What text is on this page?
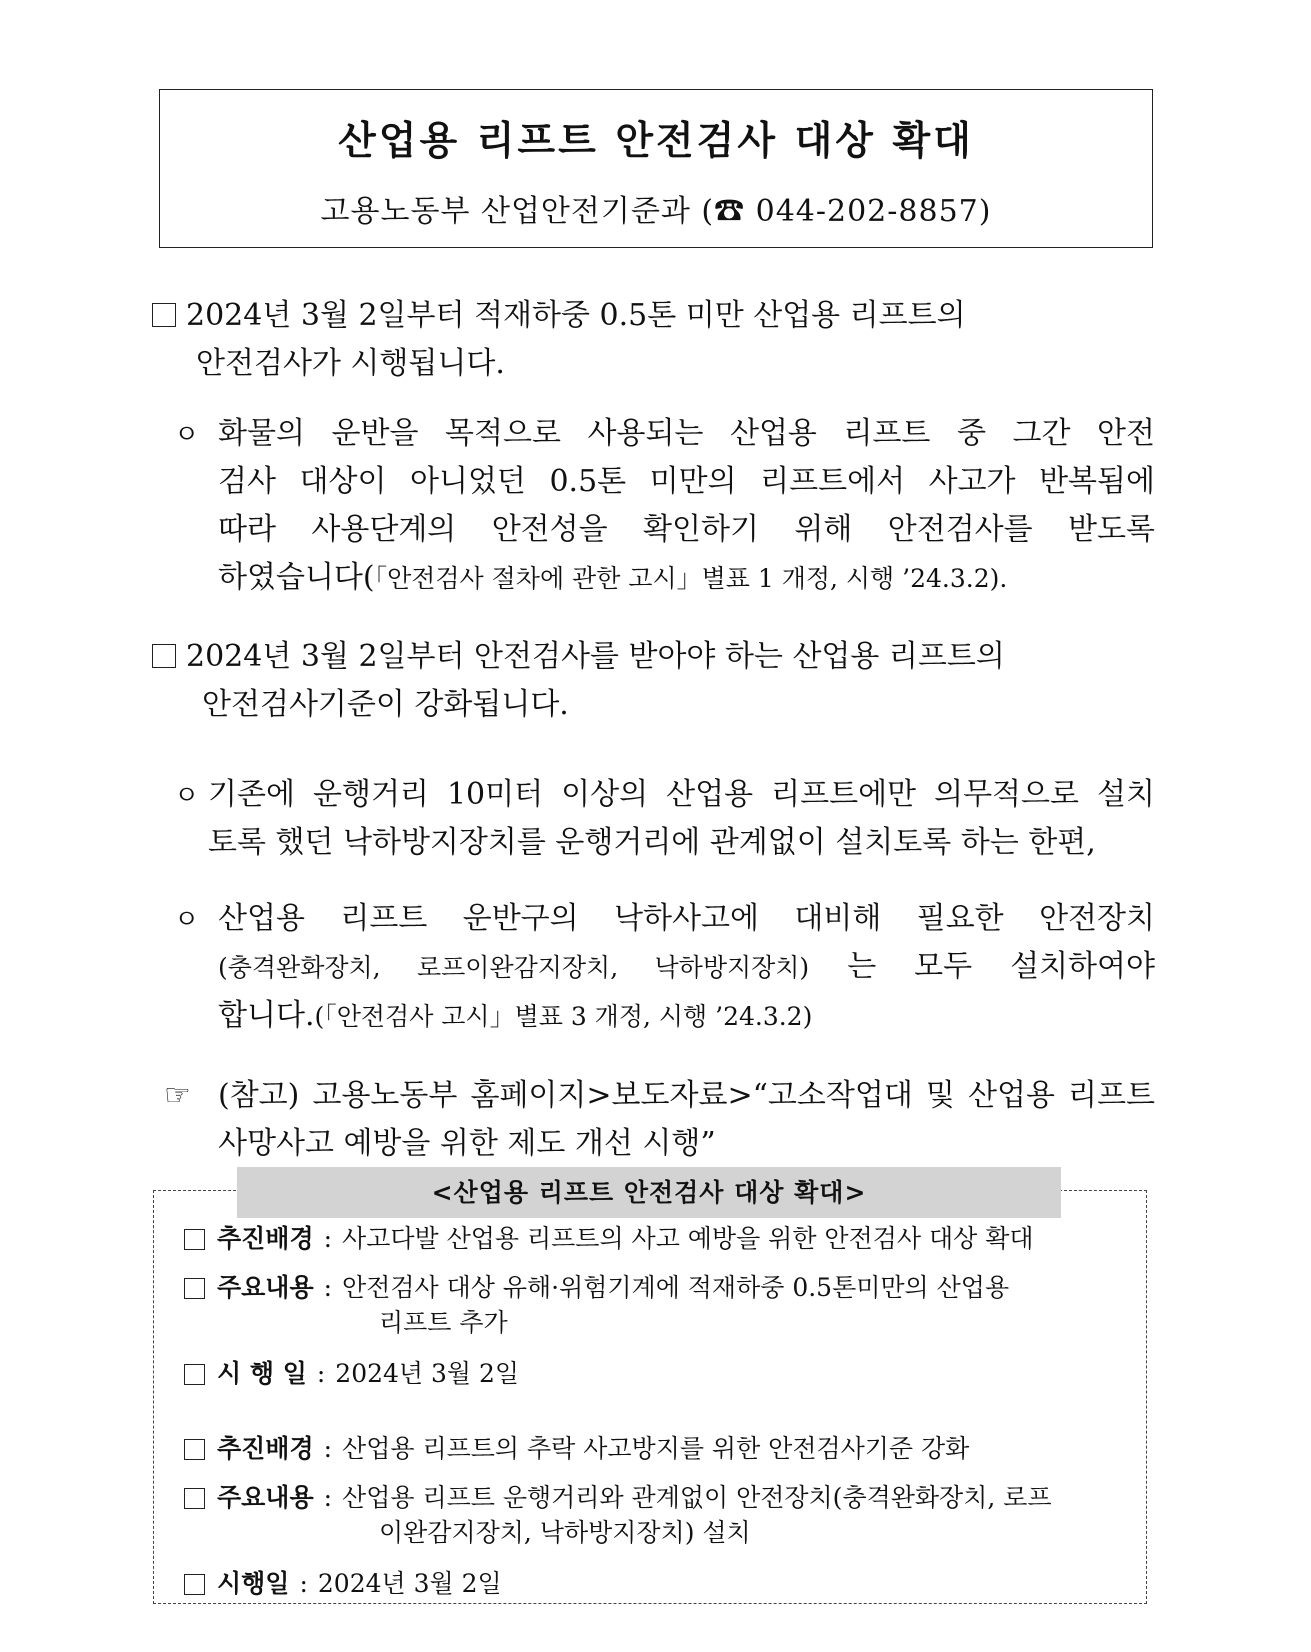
산업용 리프트 안전검사 대상 확대
고용노동부 산업안전기준과 (☎ 044-202-8857)
2024년 3월 2일부터 적재하중 0.5톤 미만 산업용 리프트의
안전검사가 시행됩니다.
ㅇ 화물의 운반을 목적으로 사용되는 산업용 리프트 중 그간 안전
검사 대상이 아니었던 0.5톤 미만의 리프트에서 사고가 반복됨에
따라 사용단계의 안전성을 확인하기 위해 안전검사를 받도록
하였습니다(「안전검사 절차에 관한 고시」별표 1 개정, 시행 ’24.3.2).
2024년 3월 2일부터 안전검사를 받아야 하는 산업용 리프트의
안전검사기준이 강화됩니다.
ㅇ 기존에 운행거리 10미터 이상의 산업용 리프트에만 의무적으로 설치
토록 했던 낙하방지장치를 운행거리에 관계없이 설치토록 하는 한편,
ㅇ 산업용 리프트 운반구의 낙하사고에 대비해 필요한 안전장치
(충격완화장치, 로프이완감지장치, 낙하방지장치) 는 모두 설치하여야
합니다.(「안전검사 고시」별표 3 개정, 시행 ’24.3.2)
☞ (참고) 고용노동부 홈페이지>보도자료>“고소작업대 및 산업용 리프트
사망사고 예방을 위한 제도 개선 시행”
<산업용 리프트 안전검사 대상 확대>
추진배경 : 사고다발 산업용 리프트의 사고 예방을 위한 안전검사 대상 확대
주요내용 : 안전검사 대상 유해·위험기계에 적재하중 0.5톤미만의 산업용
리프트 추가
시 행 일 : 2024년 3월 2일
추진배경 : 산업용 리프트의 추락 사고방지를 위한 안전검사기준 강화
주요내용 : 산업용 리프트 운행거리와 관계없이 안전장치(충격완화장치, 로프
이완감지장치, 낙하방지장치) 설치
시행일 : 2024년 3월 2일
